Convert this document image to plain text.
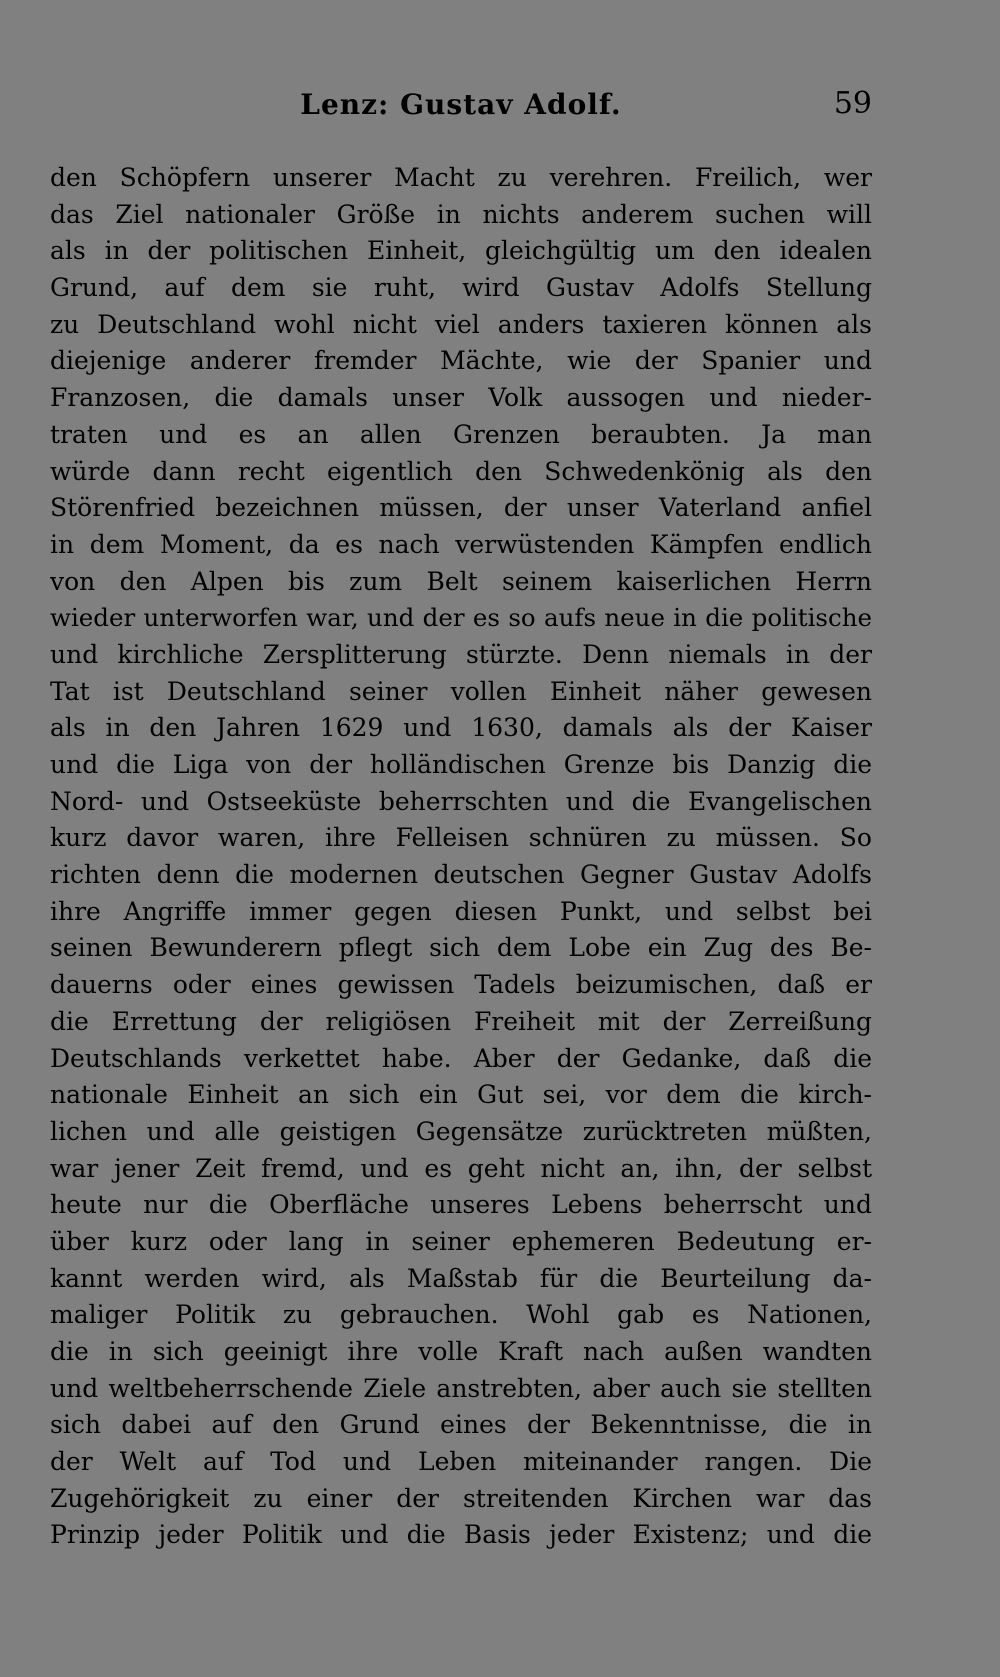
Lenz: Gustav Adolf.	59
den Schöpfern unserer Macht zu verehren. Freilich, wer
das Ziel nationaler Größe in nichts anderem suchen will
als in der politischen Einheit, gleichgültig um den idealen
Grund, auf dem sie ruht, wird Gustav Adolfs Stellung
zu Deutschland wohl nicht viel anders taxieren können als
diejenige anderer fremder Mächte, wie der Spanier und
Franzosen, die damals unser Volk aussogen und nieder-
traten und es an allen Grenzen beraubten. Ja man
würde dann recht eigentlich den Schwedenkönig als den
Störenfried bezeichnen müssen, der unser Vaterland anfiel
in dem Moment, da es nach verwüstenden Kämpfen endlich
von den Alpen bis zum Belt seinem kaiserlichen Herrn
wieder unterworfen war, und der es so aufs neue in die politische
und kirchliche Zersplitterung stürzte. Denn niemals in der
Tat ist Deutschland seiner vollen Einheit näher gewesen
als in den Jahren 1629 und 1630, damals als der Kaiser
und die Liga von der holländischen Grenze bis Danzig die
Nord- und Ostseeküste beherrschten und die Evangelischen
kurz davor waren, ihre Felleisen schnüren zu müssen. So
richten denn die modernen deutschen Gegner Gustav Adolfs
ihre Angriffe immer gegen diesen Punkt, und selbst bei
seinen Bewunderern pflegt sich dem Lobe ein Zug des Be-
dauerns oder eines gewissen Tadels beizumischen, daß er
die Errettung der religiösen Freiheit mit der Zerreißung
Deutschlands verkettet habe. Aber der Gedanke, daß die
nationale Einheit an sich ein Gut sei, vor dem die kirch-
lichen und alle geistigen Gegensätze zurücktreten müßten,
war jener Zeit fremd, und es geht nicht an, ihn, der selbst
heute nur die Oberfläche unseres Lebens beherrscht und
über kurz oder lang in seiner ephemeren Bedeutung er-
kannt werden wird, als Maßstab für die Beurteilung da-
maliger Politik zu gebrauchen. Wohl gab es Nationen,
die in sich geeinigt ihre volle Kraft nach außen wandten
und weltbeherrschende Ziele anstrebten, aber auch sie stellten
sich dabei auf den Grund eines der Bekenntnisse, die in
der Welt auf Tod und Leben miteinander rangen. Die
Zugehörigkeit zu einer der streitenden Kirchen war das
Prinzip jeder Politik und die Basis jeder Existenz; und die
